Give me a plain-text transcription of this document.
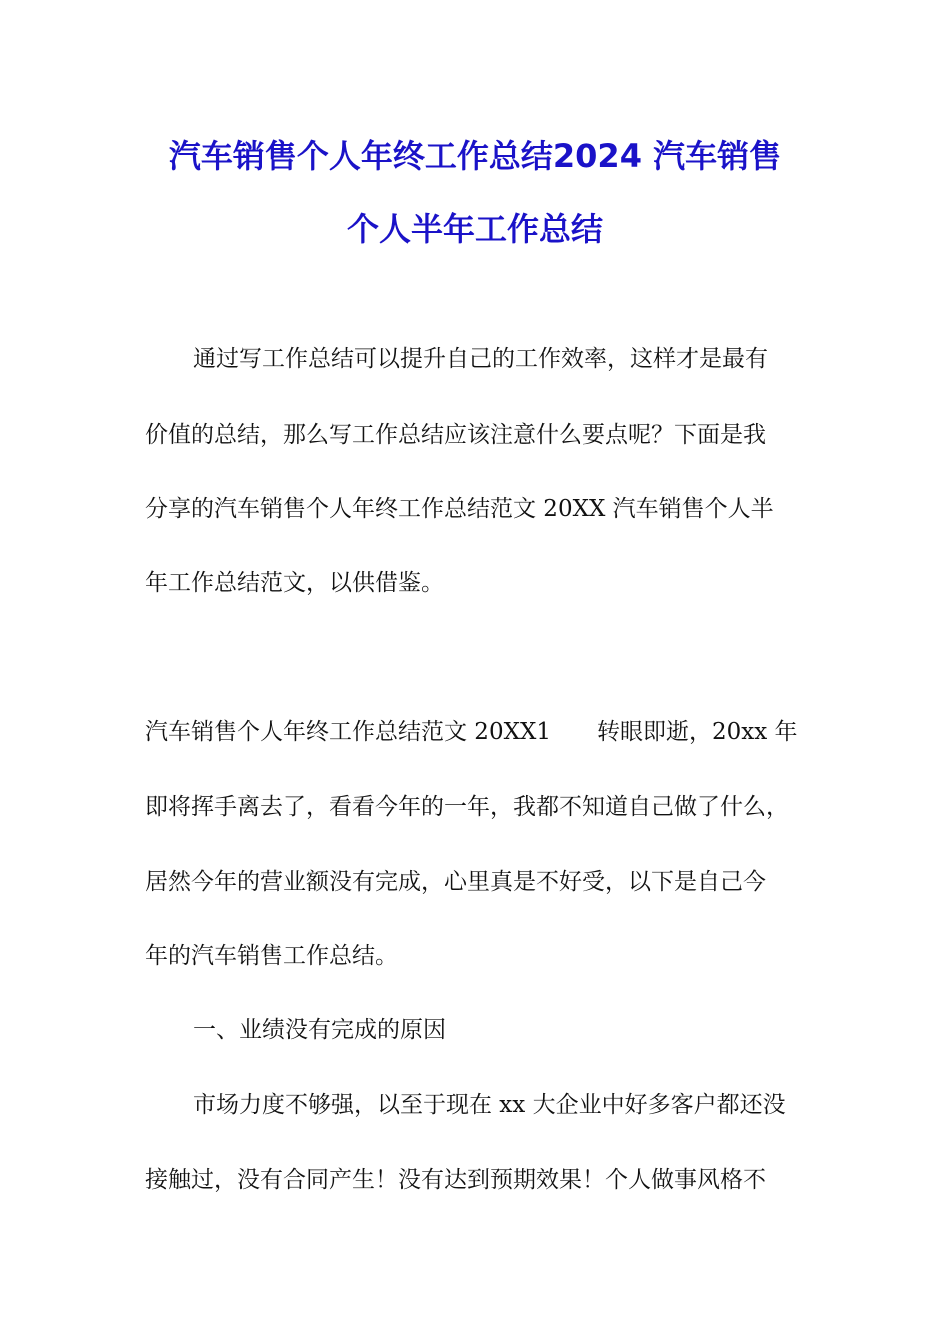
汽车销售个人年终工作总结2024 汽车销售
个人半年工作总结
通过写工作总结可以提升自己的工作效率，这样才是最有
价值的总结，那么写工作总结应该注意什么要点呢？下面是我
分享的汽车销售个人年终工作总结范文 20XX 汽车销售个人半
年工作总结范文，以供借鉴。
汽车销售个人年终工作总结范文 20XX1　　转眼即逝，20xx 年
即将挥手离去了，看看今年的一年，我都不知道自己做了什么，
居然今年的营业额没有完成，心里真是不好受，以下是自己今
年的汽车销售工作总结。
一、业绩没有完成的原因
市场力度不够强，以至于现在 xx 大企业中好多客户都还没
接触过，没有合同产生！没有达到预期效果！个人做事风格不
